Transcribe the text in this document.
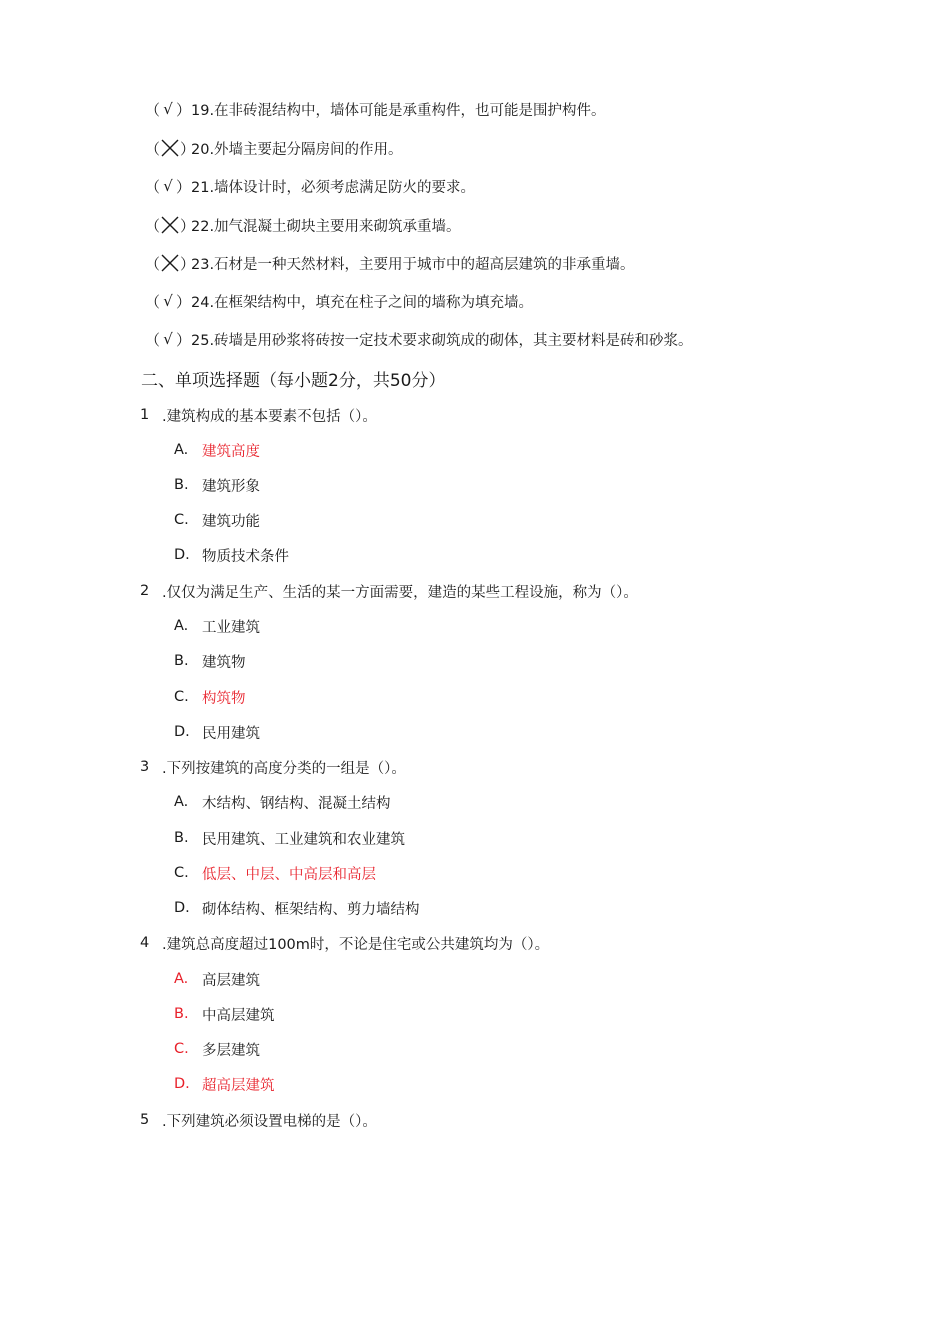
（ √ ） 19.在非砖混结构中，墙体可能是承重构件，也可能是围护构件。
（ ）
20.外墙主要起分隔房间的作用。
（ √ ） 21.墙体设计时，必须考虑满足防火的要求。
（ ）
22.加气混凝土砌块主要用来砌筑承重墙。
（ ）
23.石材是一种天然材料，主要用于城市中的超高层建筑的非承重墙。
（ √ ） 24.在框架结构中，填充在柱子之间的墙称为填充墙。
（ √ ） 25.砖墙是用砂浆将砖按一定技术要求砌筑成的砌体，其主要材料是砖和砂浆。
二、单项选择题（每小题2分，共50分）
1 .建筑构成的基本要素不包括（）。
A. 建筑高度
B. 建筑形象
C. 建筑功能
D. 物质技术条件
2 .仅仅为满足生产、生活的某一方面需要，建造的某些工程设施，称为（）。
A. 工业建筑
B. 建筑物
C. 构筑物
D. 民用建筑
3 .下列按建筑的高度分类的一组是（）。
A. 木结构、钢结构、混凝土结构
B. 民用建筑、工业建筑和农业建筑
C. 低层、中层、中高层和高层
D. 砌体结构、框架结构、剪力墙结构
4 .建筑总高度超过100m时，不论是住宅或公共建筑均为（）。
A. 高层建筑
B. 中高层建筑
C. 多层建筑
D. 超高层建筑
5 .下列建筑必须设置电梯的是（）。
